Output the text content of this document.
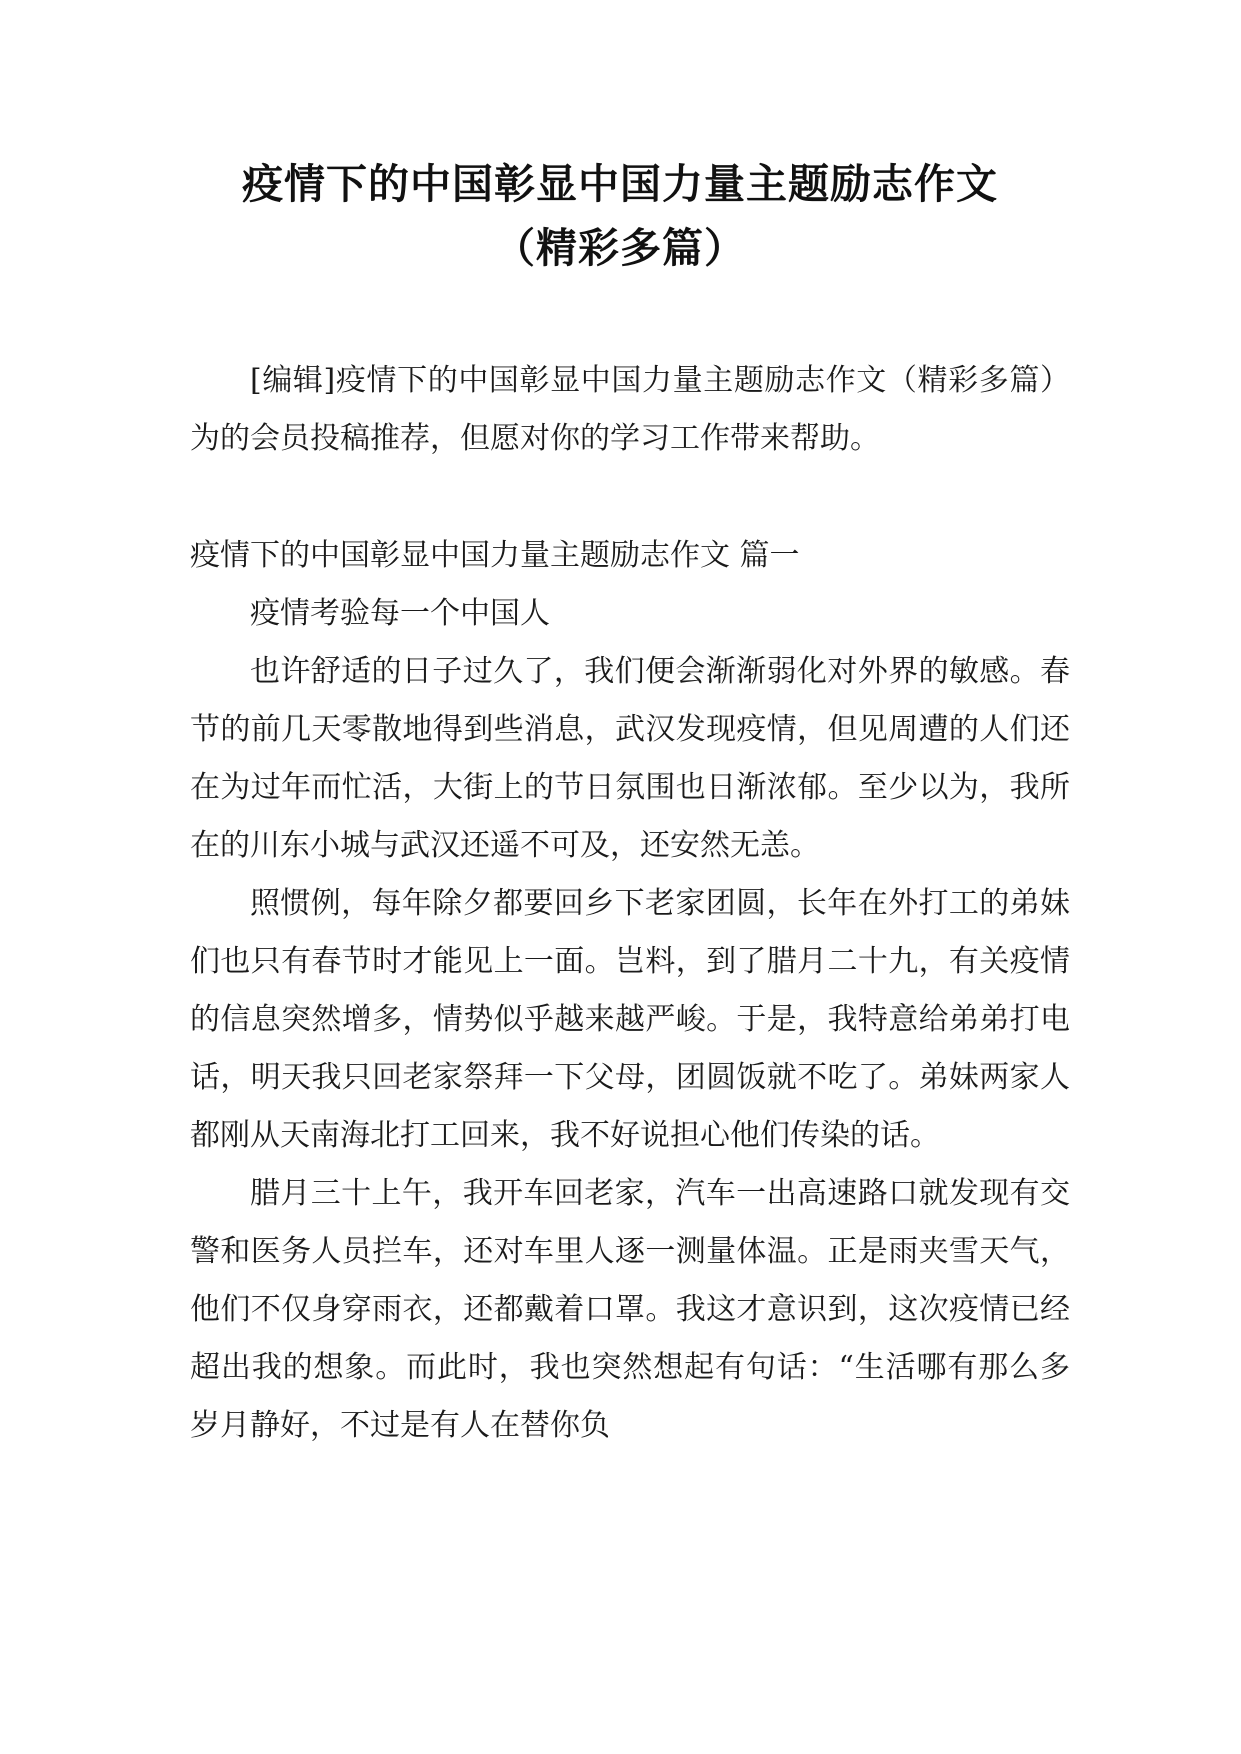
疫情下的中国彰显中国力量主题励志作文
（精彩多篇）

[编辑]疫情下的中国彰显中国力量主题励志作文（精彩多篇）为的会员投稿推荐，但愿对你的学习工作带来帮助。

疫情下的中国彰显中国力量主题励志作文 篇一

疫情考验每一个中国人

也许舒适的日子过久了，我们便会渐渐弱化对外界的敏感。春节的前几天零散地得到些消息，武汉发现疫情，但见周遭的人们还在为过年而忙活，大街上的节日氛围也日渐浓郁。至少以为，我所在的川东小城与武汉还遥不可及，还安然无恙。

照惯例，每年除夕都要回乡下老家团圆，长年在外打工的弟妹们也只有春节时才能见上一面。岂料，到了腊月二十九，有关疫情的信息突然增多，情势似乎越来越严峻。于是，我特意给弟弟打电话，明天我只回老家祭拜一下父母，团圆饭就不吃了。弟妹两家人都刚从天南海北打工回来，我不好说担心他们传染的话。

腊月三十上午，我开车回老家，汽车一出高速路口就发现有交警和医务人员拦车，还对车里人逐一测量体温。正是雨夹雪天气，他们不仅身穿雨衣，还都戴着口罩。我这才意识到，这次疫情已经超出我的想象。而此时，我也突然想起有句话：“生活哪有那么多岁月静好，不过是有人在替你负
